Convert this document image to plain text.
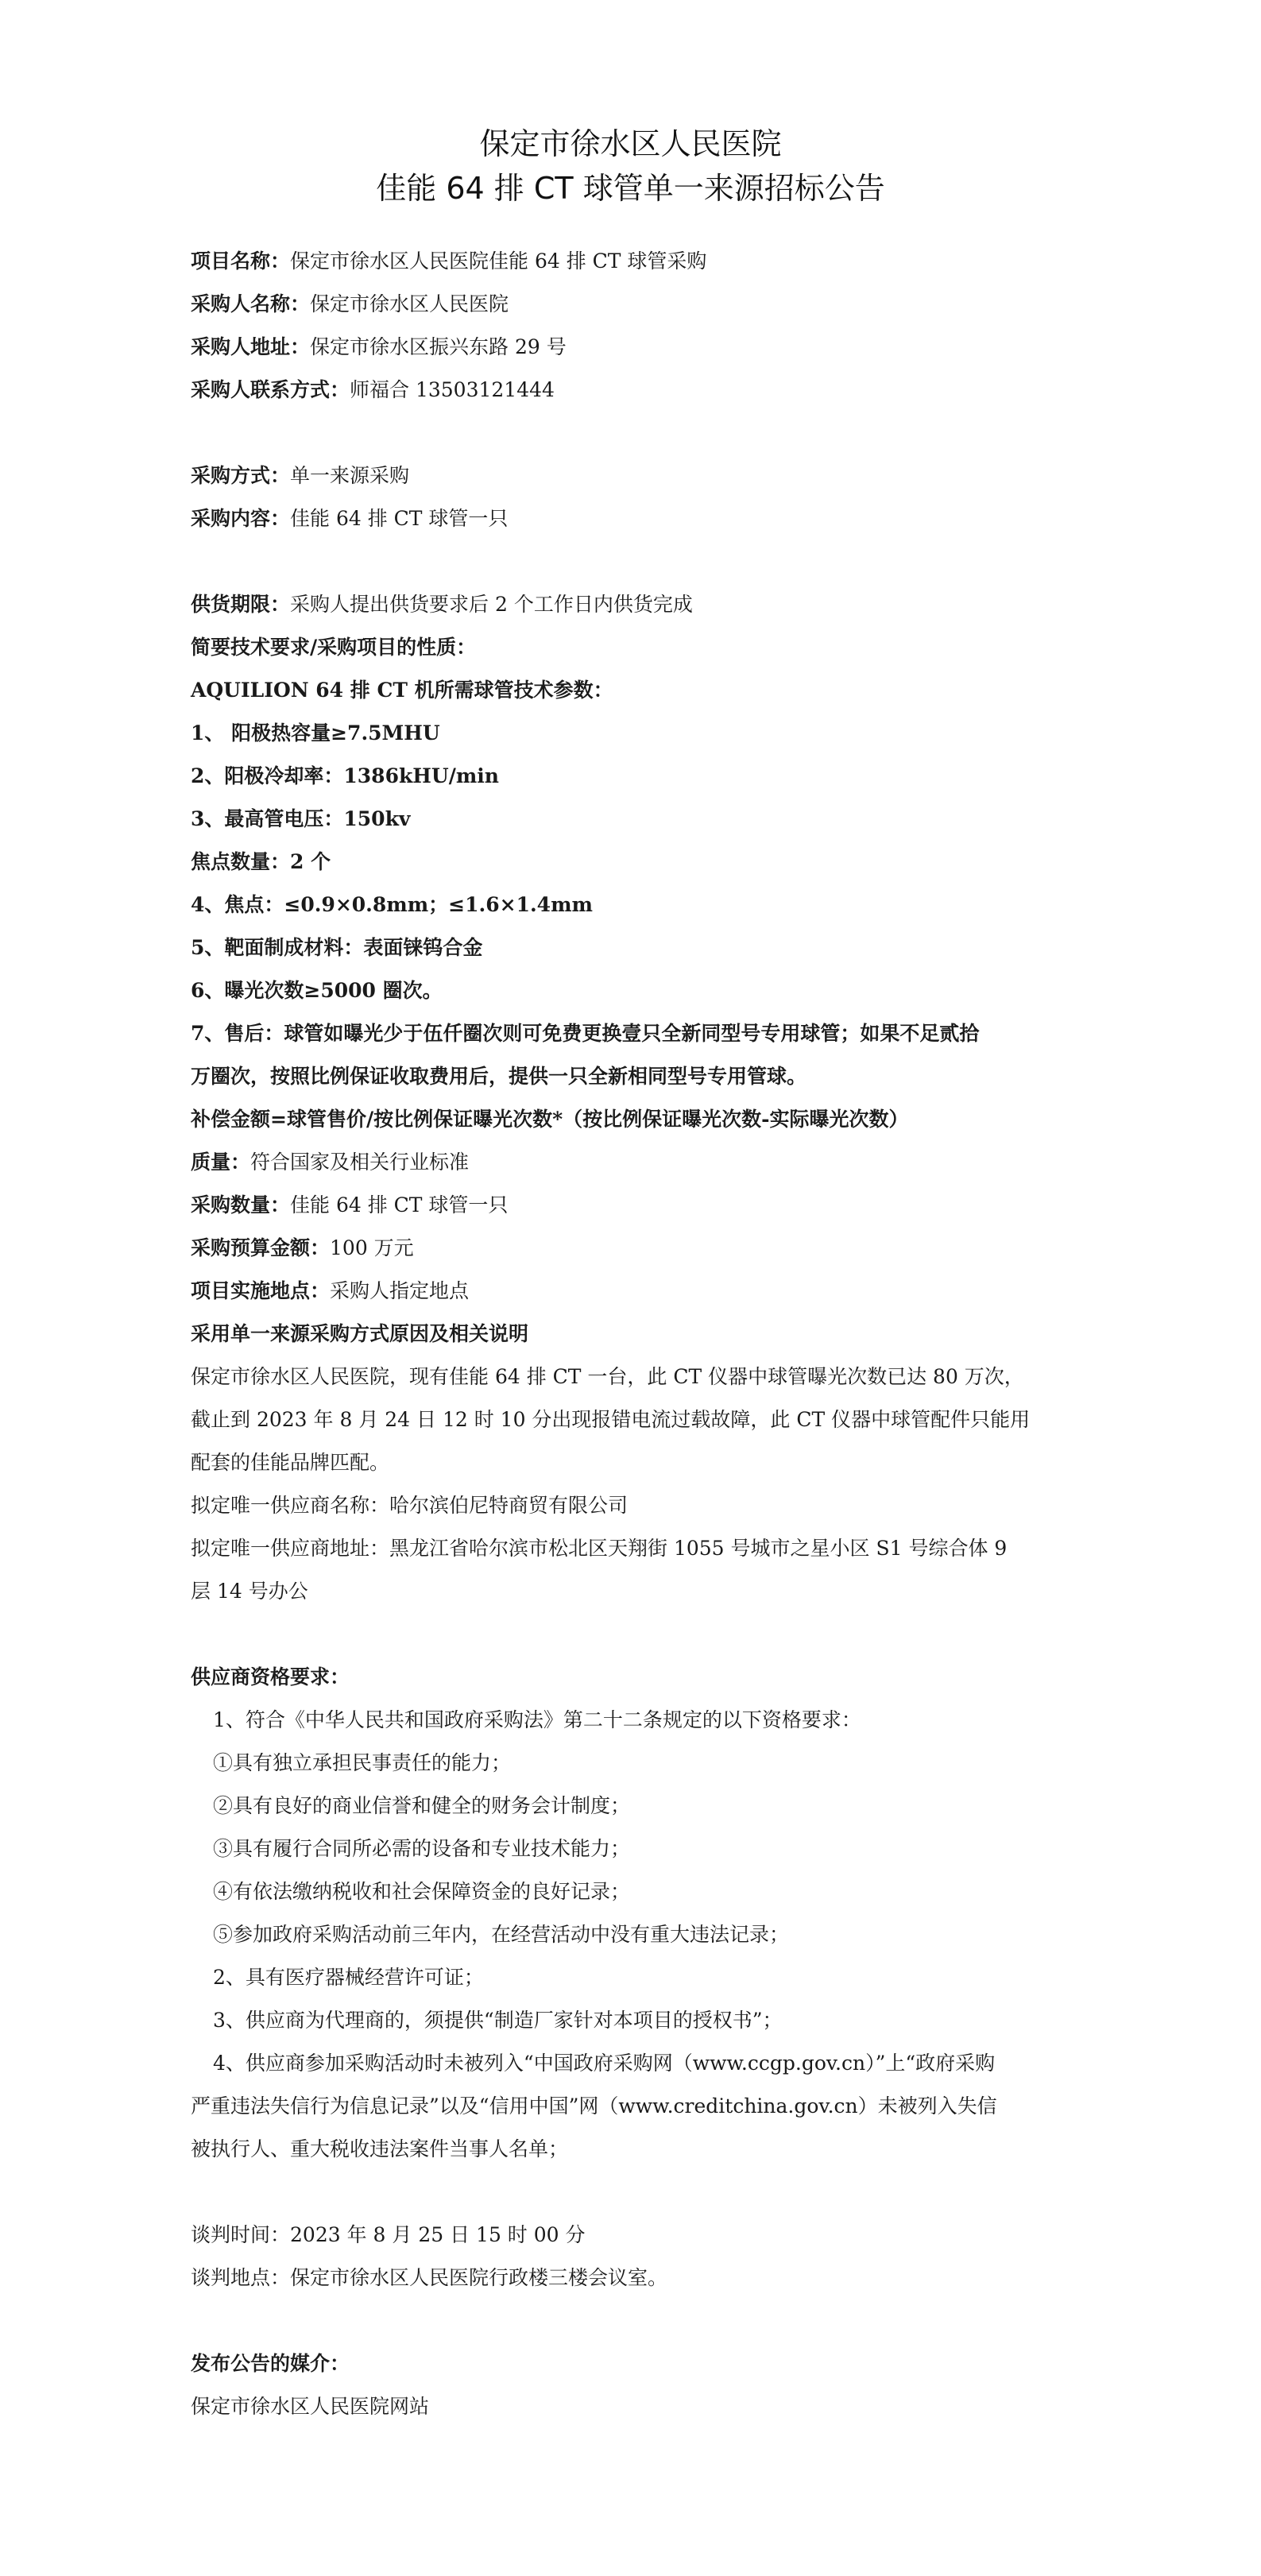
保定市徐水区人民医院
佳能 64 排 CT 球管单一来源招标公告
项目名称：保定市徐水区人民医院佳能 64 排 CT 球管采购
采购人名称：保定市徐水区人民医院
采购人地址：保定市徐水区振兴东路 29 号
采购人联系方式：师福合 13503121444
采购方式：单一来源采购
采购内容：佳能 64 排 CT 球管一只
供货期限：采购人提出供货要求后 2 个工作日内供货完成
简要技术要求/采购项目的性质：
AQUILION 64 排 CT 机所需球管技术参数：
1、 阳极热容量≥7.5MHU
2、阳极冷却率：1386kHU/min
3、最高管电压：150kv
焦点数量：2 个
4、焦点：≤0.9×0.8mm；≤1.6×1.4mm
5、靶面制成材料：表面铼钨合金
6、曝光次数≥5000 圈次。
7、售后：球管如曝光少于伍仟圈次则可免费更换壹只全新同型号专用球管；如果不足贰拾
万圈次，按照比例保证收取费用后，提供一只全新相同型号专用管球。
补偿金额=球管售价/按比例保证曝光次数*（按比例保证曝光次数-实际曝光次数）
质量：符合国家及相关行业标准
采购数量：佳能 64 排 CT 球管一只
采购预算金额：100 万元
项目实施地点：采购人指定地点
采用单一来源采购方式原因及相关说明
保定市徐水区人民医院，现有佳能 64 排 CT 一台，此 CT 仪器中球管曝光次数已达 80 万次，
截止到 2023 年 8 月 24 日 12 时 10 分出现报错电流过载故障，此 CT 仪器中球管配件只能用
配套的佳能品牌匹配。
拟定唯一供应商名称：哈尔滨伯尼特商贸有限公司
拟定唯一供应商地址：黑龙江省哈尔滨市松北区天翔街 1055 号城市之星小区 S1 号综合体 9
层 14 号办公
供应商资格要求：
1、符合《中华人民共和国政府采购法》第二十二条规定的以下资格要求：
①具有独立承担民事责任的能力；
②具有良好的商业信誉和健全的财务会计制度；
③具有履行合同所必需的设备和专业技术能力；
④有依法缴纳税收和社会保障资金的良好记录；
⑤参加政府采购活动前三年内，在经营活动中没有重大违法记录；
2、具有医疗器械经营许可证；
3、供应商为代理商的，须提供“制造厂家针对本项目的授权书”；
4、供应商参加采购活动时未被列入“中国政府采购网（www.ccgp.gov.cn）”上“政府采购
严重违法失信行为信息记录”以及“信用中国”网（www.creditchina.gov.cn）未被列入失信
被执行人、重大税收违法案件当事人名单；
谈判时间：2023 年 8 月 25 日 15 时 00 分
谈判地点：保定市徐水区人民医院行政楼三楼会议室。
发布公告的媒介：
保定市徐水区人民医院网站
